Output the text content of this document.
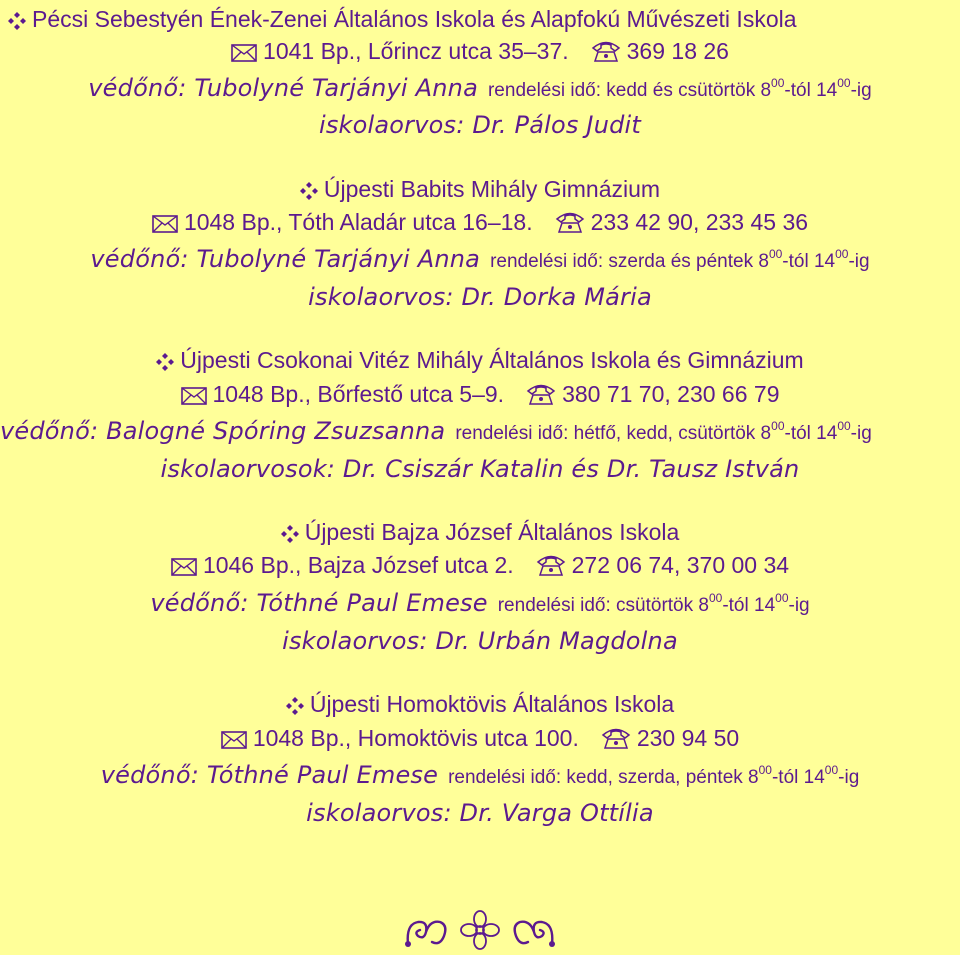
Pécsi Sebestyén Ének-Zenei Általános Iskola és Alapfokú Művészeti Iskola
1041 Bp., Lőrincz utca 35–37.	369 18 26
védőnő: Tubolyné Tarjányi Anna rendelési idő: kedd és csütörtök $8^{00}$-tól $14^{00}-ig$
iskolaorvos: Dr. Pálos Judit
Újpesti Babits Mihály Gimnázium
1048 Bp., Tóth Aladár utca 16–18.	233 42 90, 233 45 36
védőnő: Tubolyné Tarjányi Anna rendelési idő: szerda és péntek $8^{00}$-tól $14^{00}-ig$
iskolaorvos: Dr. Dorka Mária
Újpesti Csokonai Vitéz Mihály Általános Iskola és Gimnázium
1048 Bp., Bőrfestő utca 5–9.	380 71 70, 230 66 79
védőnő: Balogné Spóring Zsuzsanna rendelési idő: hétfő, kedd, csütörtök $8^{00}$-tól $14^{00}-ig$
iskolaorvosok: Dr. Csiszár Katalin és Dr. Tausz István
Újpesti Bajza József Általános Iskola
1046 Bp., Bajza József utca 2.	272 06 74, 370 00 34
védőnő: Tóthné Paul Emese rendelési idő: csütörtök $8^{00}$-tól $14^{00}-ig$
iskolaorvos: Dr. Urbán Magdolna
Újpesti Homoktövis Általános Iskola
1048 Bp., Homoktövis utca 100.	230 94 50
védőnő: Tóthné Paul Emese rendelési idő: kedd, szerda, péntek $8^{00}$-tól $14^{00}-ig$
iskolaorvos: Dr. Varga Ottília
